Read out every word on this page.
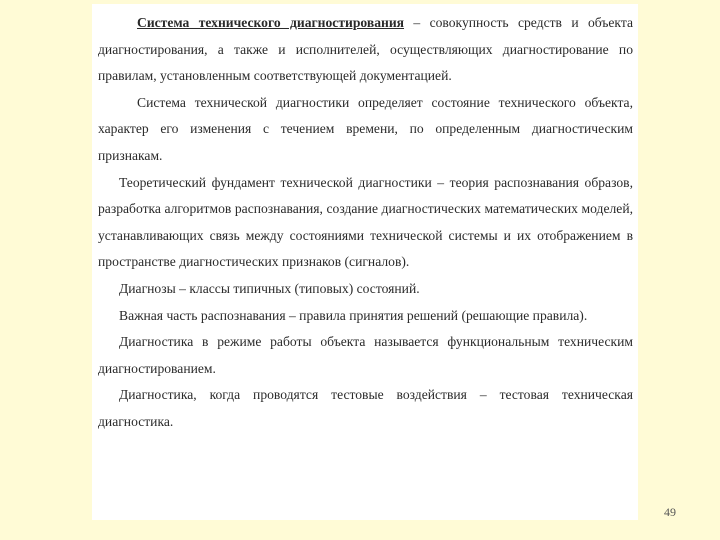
Система технического диагностирования – совокупность средств и объекта диагностирования, а также и исполнителей, осуществляющих диагностирование по правилам, установленным соответствующей документацией.

Система технической диагностики определяет состояние технического объекта, характер его изменения с течением времени, по определенным диагностическим признакам.

Теоретический фундамент технической диагностики – теория распознавания образов, разработка алгоритмов распознавания, создание диагностических математических моделей, устанавливающих связь между состояниями технической системы и их отображением в пространстве диагностических признаков (сигналов).

Диагнозы – классы типичных (типовых) состояний.

Важная часть распознавания – правила принятия решений (решающие правила).

Диагностика в режиме работы объекта называется функциональным техническим диагностированием.

Диагностика, когда проводятся тестовые воздействия – тестовая техническая диагностика.

49
